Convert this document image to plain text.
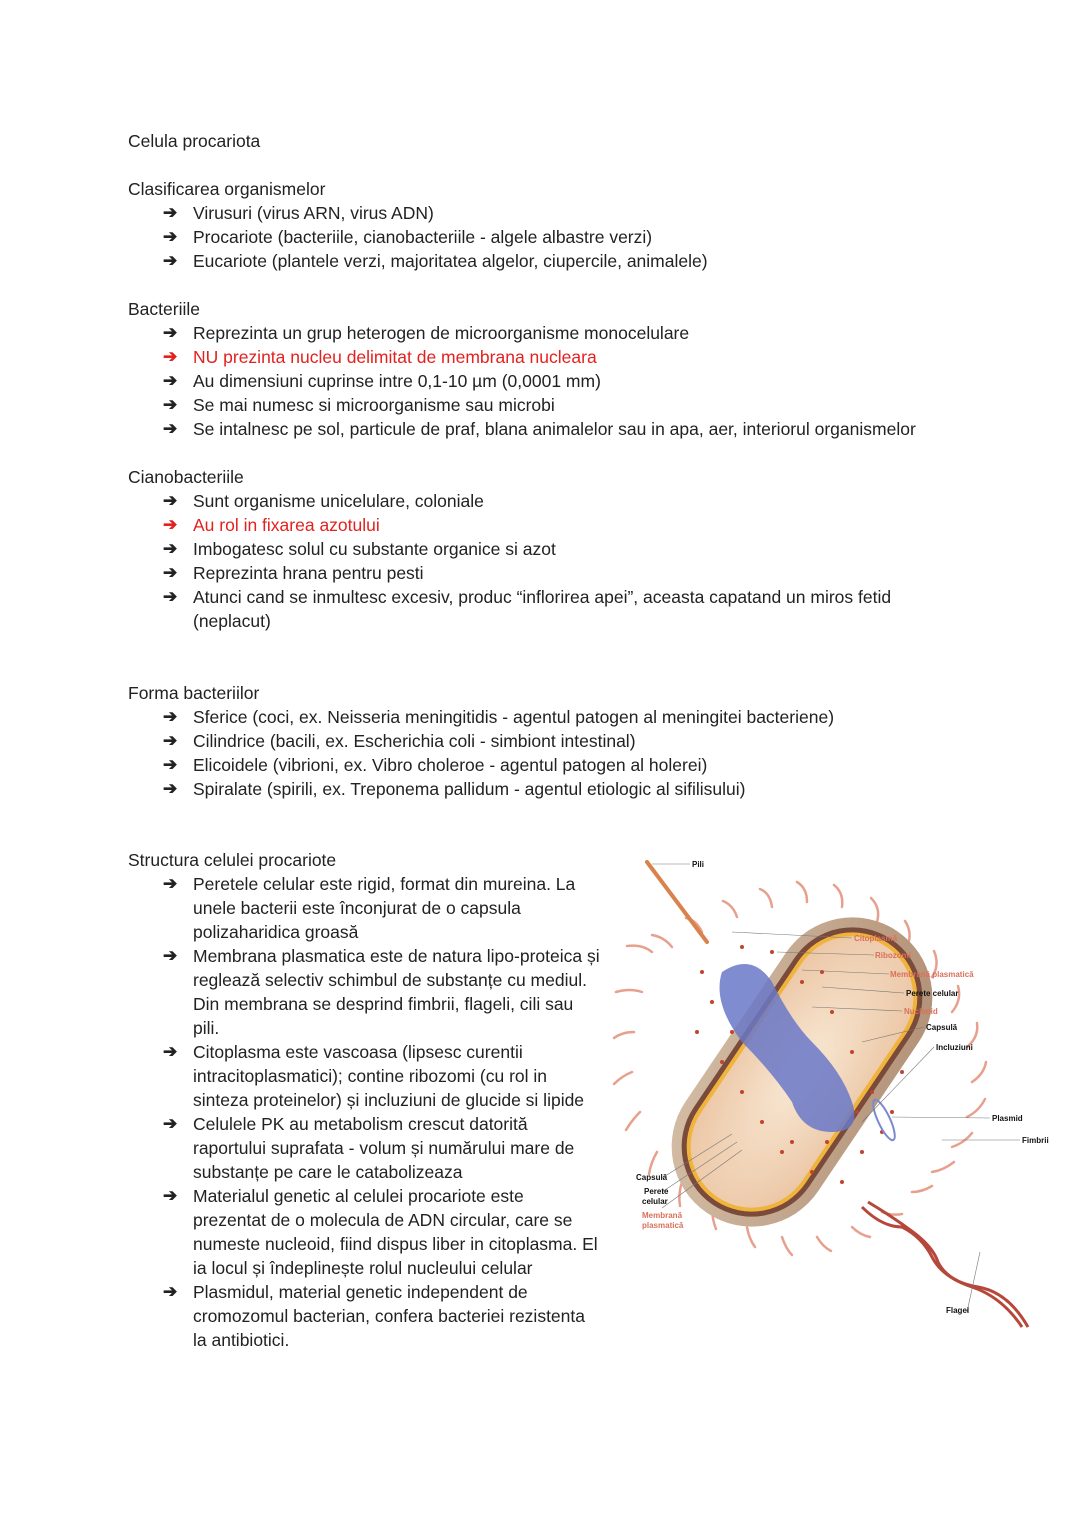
Celula procariota
Clasificarea organismelor
➔ Virusuri (virus ARN, virus ADN)
➔ Procariote (bacteriile, cianobacteriile - algele albastre verzi)
➔ Eucariote (plantele verzi, majoritatea algelor, ciupercile, animalele)
Bacteriile
➔ Reprezinta un grup heterogen de microorganisme monocelulare
➔ NU prezinta nucleu delimitat de membrana nucleara
➔ Au dimensiuni cuprinse intre 0,1-10 µm (0,0001 mm)
➔ Se mai numesc si microorganisme sau microbi
➔ Se intalnesc pe sol, particule de praf, blana animalelor sau in apa, aer, interiorul organismelor
Cianobacteriile
➔ Sunt organisme unicelulare, coloniale
➔ Au rol in fixarea azotului
➔ Imbogatesc solul cu substante organice si azot
➔ Reprezinta hrana pentru pesti
➔ Atunci cand se inmultesc excesiv, produc “inflorirea apei”, aceasta capatand un miros fetid (neplacut)
Forma bacteriilor
➔ Sferice (coci, ex. Neisseria meningitidis - agentul patogen al meningitei bacteriene)
➔ Cilindrice (bacili, ex. Escherichia coli - simbiont intestinal)
➔ Elicoidele (vibrioni, ex. Vibro choleroe - agentul patogen al holerei)
➔ Spiralate (spirili, ex. Treponema pallidum - agentul etiologic al sifilisului)
Structura celulei procariote
➔ Peretele celular este rigid, format din mureina. La unele bacterii este înconjurat de o capsula polizaharidica groasă
➔ Membrana plasmatica este de natura lipo-proteica și reglează selectiv schimbul de substanțe cu mediul. Din membrana se desprind fimbrii, flageli, cili sau pili.
➔ Citoplasma este vascoasa (lipsesc curentii intracitoplasmatici); contine ribozomi (cu rol in sinteza proteinelor) și incluziuni de glucide si lipide
➔ Celulele PK au metabolism crescut datorită raportului suprafata - volum și numărului mare de substanțe pe care le catabolizeaza
➔ Materialul genetic al celulei procariote este prezentat de o molecula de ADN circular, care se numeste nucleoid, fiind dispus liber in citoplasma. El ia locul și îndeplinește rolul nucleului celular
➔ Plasmidul, material genetic independent de cromozomul bacterian, confera bacteriei rezistenta la antibiotici.
Pili
Citoplasmă
Ribozomi
Membrană plasmatică
Perete celular
Nucleoid
Capsulă
Incluziuni
Plasmid
Fimbrii
Flagel
Capsulă
Perete
celular
Membrană
plasmatică
